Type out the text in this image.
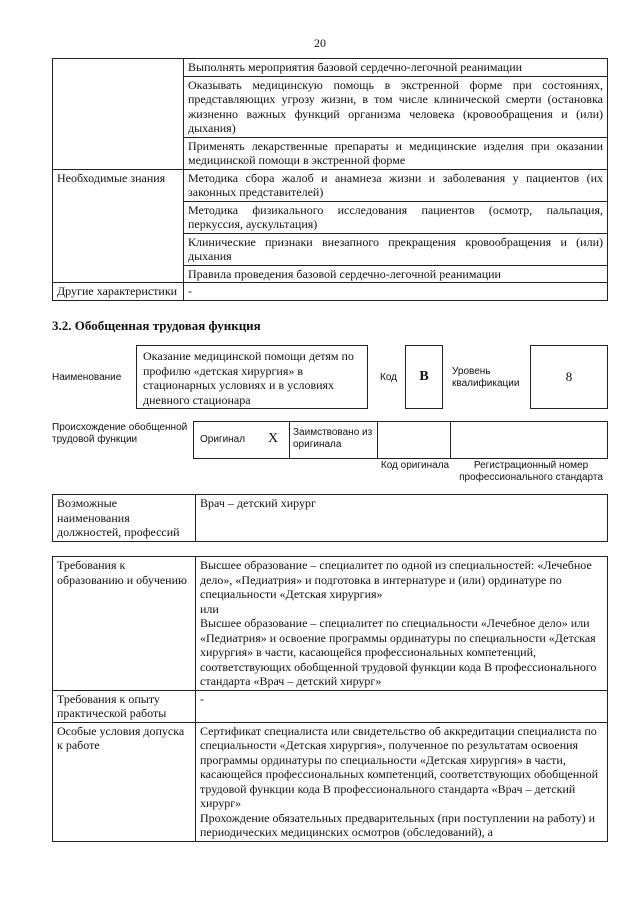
20
	Выполнять мероприятия базовой сердечно-легочной реанимации
	Оказывать медицинскую помощь в экстренной форме при состояниях, представляющих угрозу жизни, в том числе клинической смерти (остановка жизненно важных функций организма человека (кровообращения и (или) дыхания)
	Применять лекарственные препараты и медицинские изделия при оказании медицинской помощи в экстренной форме
Необходимые знания	Методика сбора жалоб и анамнеза жизни и заболевания у пациентов (их законных представителей)
	Методика физикального исследования пациентов (осмотр, пальпация, перкуссия, аускультация)
	Клинические признаки внезапного прекращения кровообращения и (или) дыхания
	Правила проведения базовой сердечно-легочной реанимации
Другие характеристики	-
3.2. Обобщенная трудовая функция
Наименование
Оказание медицинской помощи детям по профилю «детская хирургия» в стационарных условиях и в условиях дневного стационара
Код	В	Уровень квалификации	8
Происхождение обобщенной трудовой функции	Оригинал X Заимствовано из оригинала
Код оригинала	Регистрационный номер профессионального стандарта
Возможные наименования должностей, профессий	Врач – детский хирург
Требования к образованию и обучению	Высшее образование – специалитет по одной из специальностей: «Лечебное дело», «Педиатрия» и подготовка в интернатуре и (или) ординатуре по специальности «Детская хирургия»
или
Высшее образование – специалитет по специальности «Лечебное дело» или «Педиатрия» и освоение программы ординатуры по специальности «Детская хирургия» в части, касающейся профессиональных компетенций, соответствующих обобщенной трудовой функции кода В профессионального стандарта «Врач – детский хирург»

Требования к опыту практической работы	-
Особые условия допуска к работе	Сертификат специалиста или свидетельство об аккредитации специалиста по специальности «Детская хирургия», полученное по результатам освоения программы ординатуры по специальности «Детская хирургия» в части, касающейся профессиональных компетенций, соответствующих обобщенной трудовой функции кода В профессионального стандарта «Врач – детский хирург»
Прохождение обязательных предварительных (при поступлении на работу) и периодических медицинских осмотров (обследований), а
